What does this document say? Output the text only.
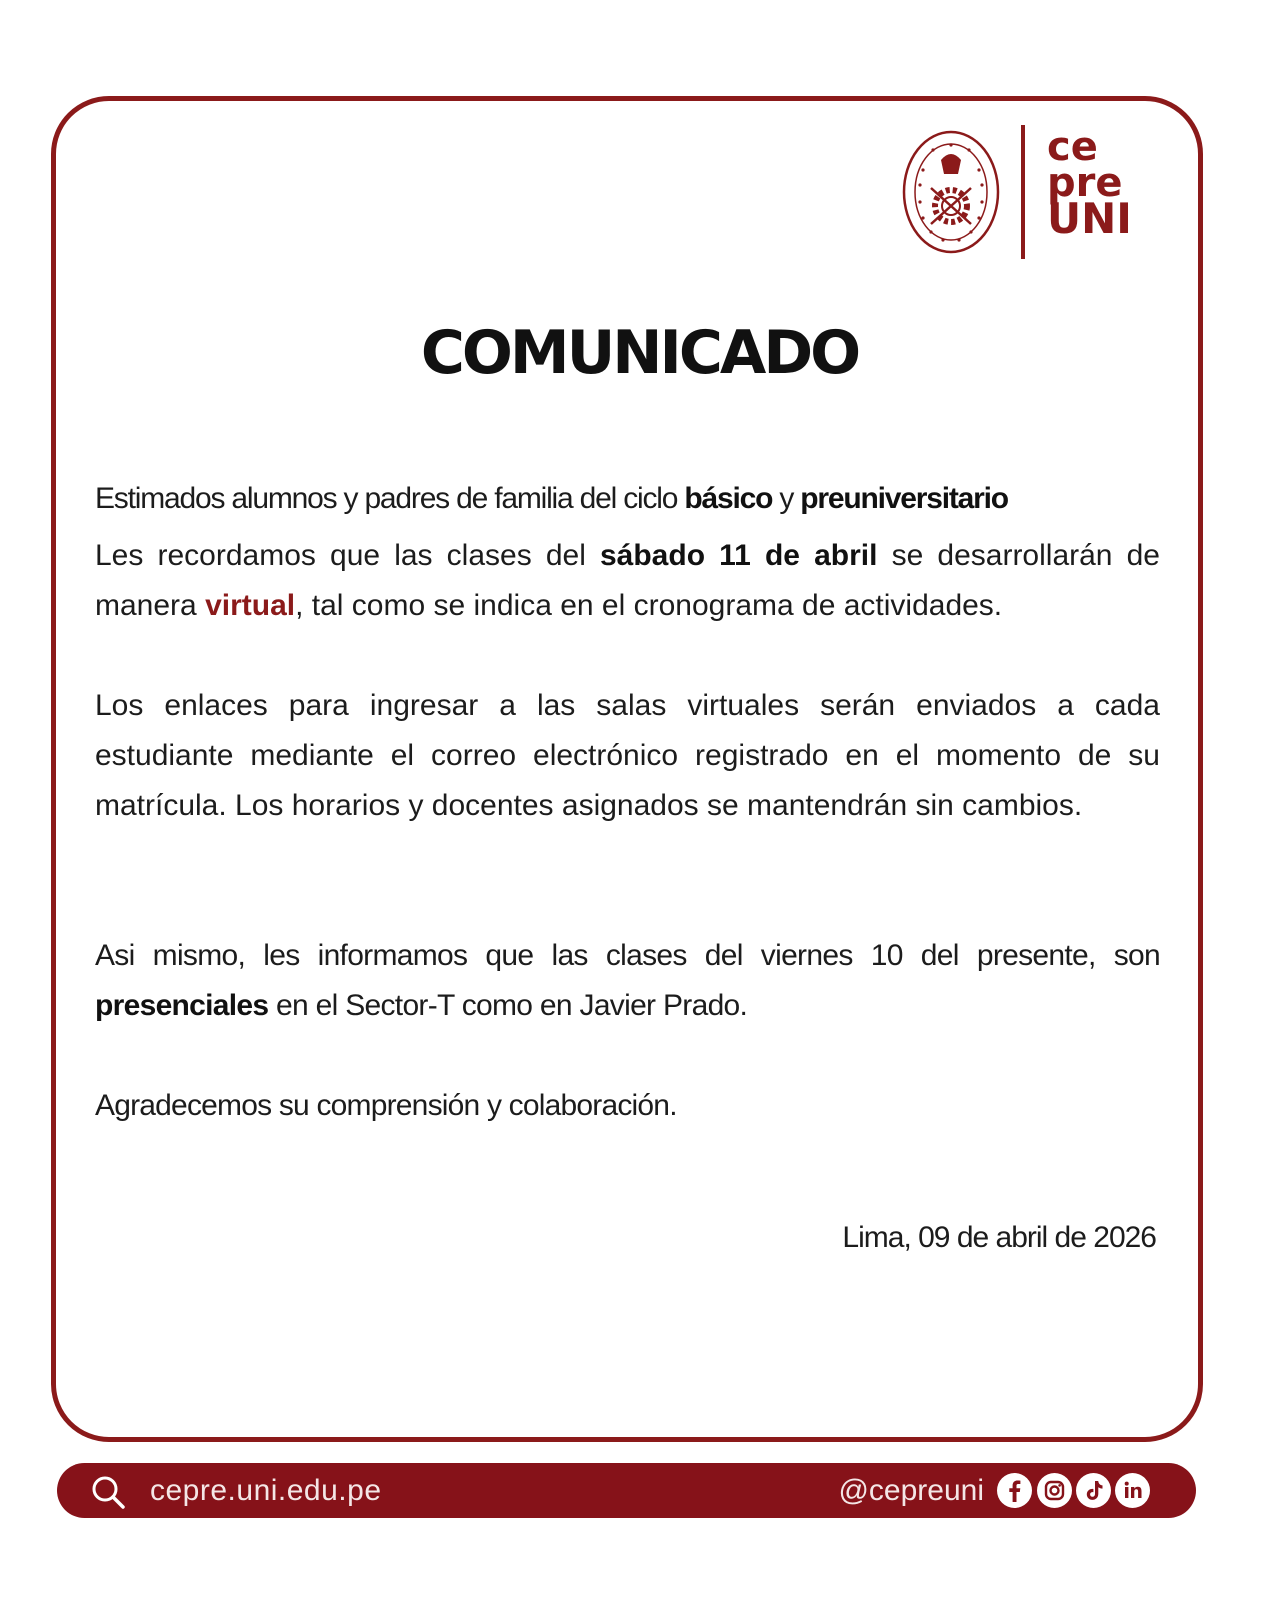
ce
pre
UNI
COMUNICADO

Estimados alumnos y padres de familia del ciclo básico y preuniversitario

Les recordamos que las clases del sábado 11 de abril se desarrollarán de manera virtual, tal como se indica en el cronograma de actividades.

Los enlaces para ingresar a las salas virtuales serán enviados a cada estudiante mediante el correo electrónico registrado en el momento de su matrícula. Los horarios y docentes asignados se mantendrán sin cambios.

Asi mismo, les informamos que las clases del viernes 10 del presente, son presenciales en el Sector-T como en Javier Prado.

Agradecemos su comprensión y colaboración.

Lima, 09 de abril de 2026
cepre.uni.edu.pe	@cepreuni
